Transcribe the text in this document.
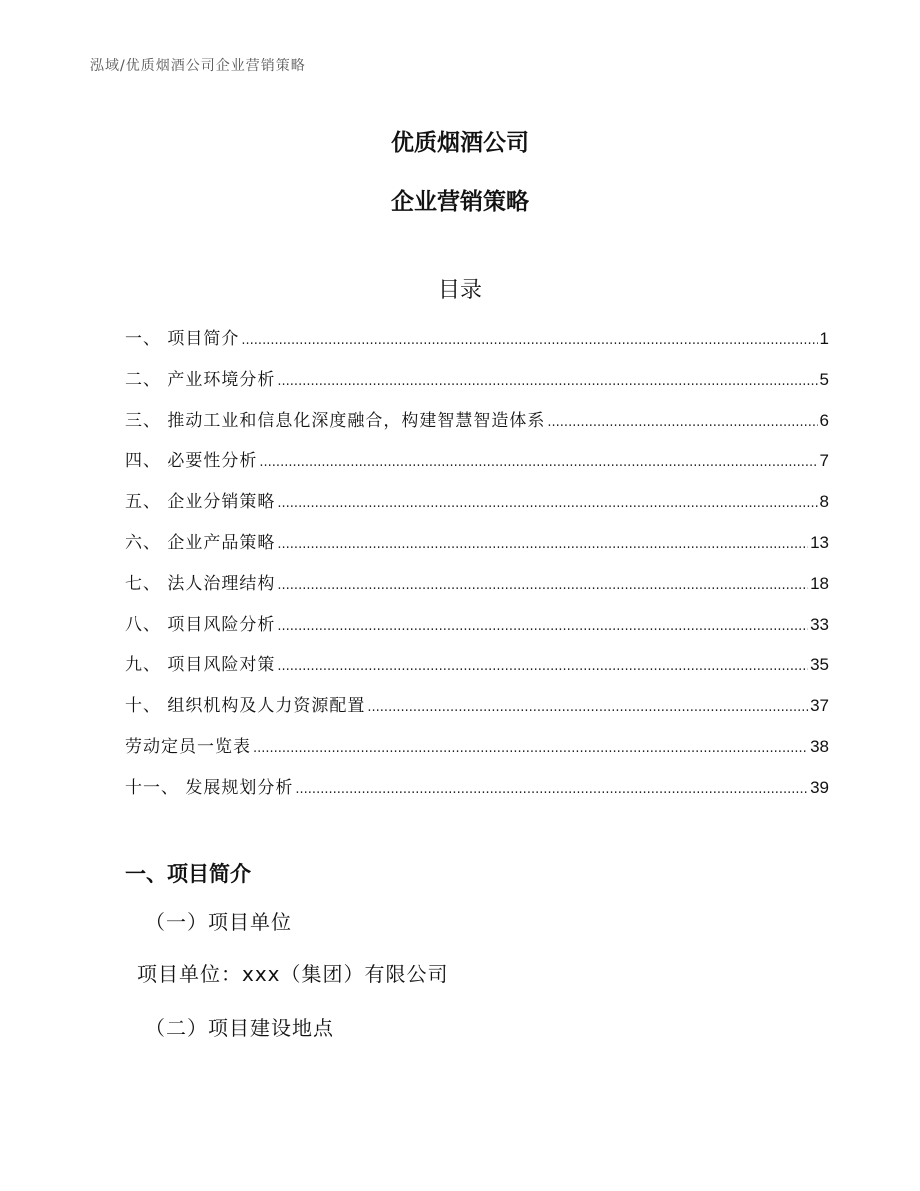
泓域/优质烟酒公司企业营销策略
优质烟酒公司
企业营销策略
目录
一、 项目简介 .....	1
二、 产业环境分析 .....	5
三、 推动工业和信息化深度融合，构建智慧智造体系 .....	6
四、 必要性分析 .....	7
五、 企业分销策略 .....	8
六、 企业产品策略 .....	13
七、 法人治理结构 .....	18
八、 项目风险分析 .....	33
九、 项目风险对策 .....	35
十、 组织机构及人力资源配置 .....	37
劳动定员一览表 .....	38
十一、 发展规划分析 .....	39
一、项目简介
（一）项目单位
项目单位：xxx（集团）有限公司
（二）项目建设地点
